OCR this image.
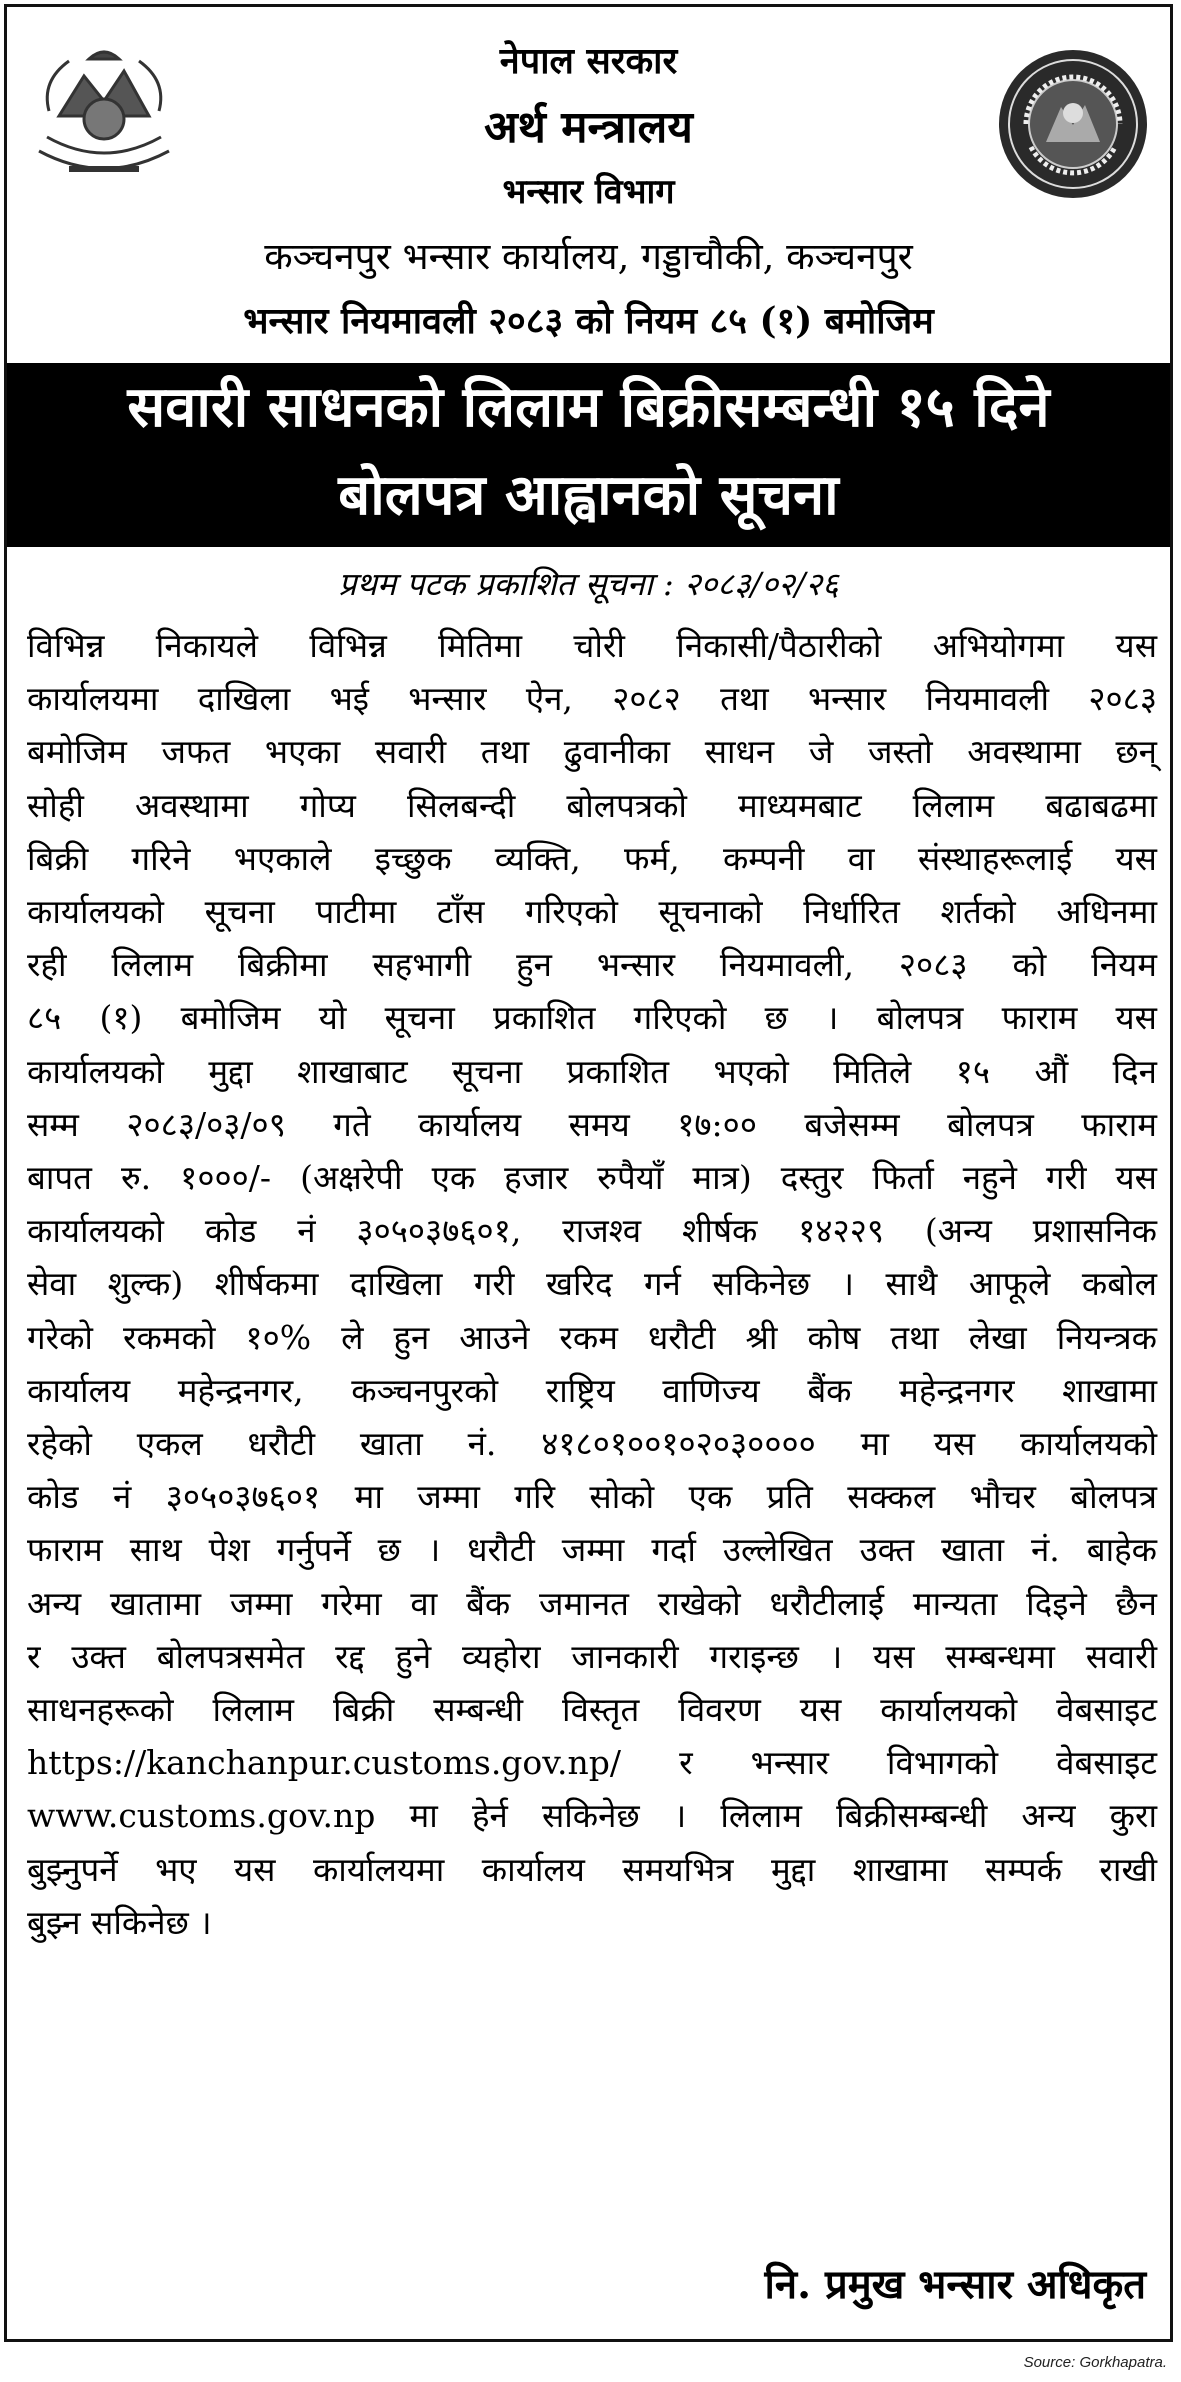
नेपाल सरकार
अर्थ मन्त्रालय
भन्सार विभाग
कञ्चनपुर भन्सार कार्यालय, गड्डाचौकी, कञ्चनपुर
भन्सार नियमावली २०८३ को नियम ८५ (१) बमोजिम
सवारी साधनको लिलाम बिक्रीसम्बन्धी १५ दिने
बोलपत्र आह्वानको सूचना
प्रथम पटक प्रकाशित सूचना : २०८३/०२/२६
विभिन्न निकायले विभिन्न मितिमा चोरी निकासी/पैठारीको अभियोगमा यस
कार्यालयमा दाखिला भई भन्सार ऐन, २०८२ तथा भन्सार नियमावली २०८३
बमोजिम जफत भएका सवारी तथा ढुवानीका साधन जे जस्तो अवस्थामा छन्
सोही अवस्थामा गोप्य सिलबन्दी बोलपत्रको माध्यमबाट लिलाम बढाबढमा
बिक्री गरिने भएकाले इच्छुक व्यक्ति, फर्म, कम्पनी वा संस्थाहरूलाई यस
कार्यालयको सूचना पाटीमा टाँस गरिएको सूचनाको निर्धारित शर्तको अधिनमा
रही लिलाम बिक्रीमा सहभागी हुन भन्सार नियमावली, २०८३ को नियम
८५ (१) बमोजिम यो सूचना प्रकाशित गरिएको छ । बोलपत्र फाराम यस
कार्यालयको मुद्दा शाखाबाट सूचना प्रकाशित भएको मितिले १५ औं दिन
सम्म २०८३/०३/०९ गते कार्यालय समय १७:०० बजेसम्म बोलपत्र फाराम
बापत रु. १०००/- (अक्षरेपी एक हजार रुपैयाँ मात्र) दस्तुर फिर्ता नहुने गरी यस
कार्यालयको कोड नं ३०५०३७६०१, राजश्व शीर्षक १४२२९ (अन्य प्रशासनिक
सेवा शुल्क) शीर्षकमा दाखिला गरी खरिद गर्न सकिनेछ । साथै आफूले कबोल
गरेको रकमको १०% ले हुन आउने रकम धरौटी श्री कोष तथा लेखा नियन्त्रक
कार्यालय महेन्द्रनगर, कञ्चनपुरको राष्ट्रिय वाणिज्य बैंक महेन्द्रनगर शाखामा
रहेको एकल धरौटी खाता नं. ४१८०१००१०२०३०००० मा यस कार्यालयको
कोड नं ३०५०३७६०१ मा जम्मा गरि सोको एक प्रति सक्कल भौचर बोलपत्र
फाराम साथ पेश गर्नुपर्ने छ । धरौटी जम्मा गर्दा उल्लेखित उक्त खाता नं. बाहेक
अन्य खातामा जम्मा गरेमा वा बैंक जमानत राखेको धरौटीलाई मान्यता दिइने छैन
र उक्त बोलपत्रसमेत रद्द हुने व्यहोरा जानकारी गराइन्छ । यस सम्बन्धमा सवारी
साधनहरूको लिलाम बिक्री सम्बन्धी विस्तृत विवरण यस कार्यालयको वेबसाइट
https://kanchanpur.customs.gov.np/ र भन्सार विभागको वेबसाइट
www.customs.gov.np मा हेर्न सकिनेछ । लिलाम बिक्रीसम्बन्धी अन्य कुरा
बुझ्नुपर्ने भए यस कार्यालयमा कार्यालय समयभित्र मुद्दा शाखामा सम्पर्क राखी
बुझ्न सकिनेछ ।
नि. प्रमुख भन्सार अधिकृत
Source: Gorkhapatra.
